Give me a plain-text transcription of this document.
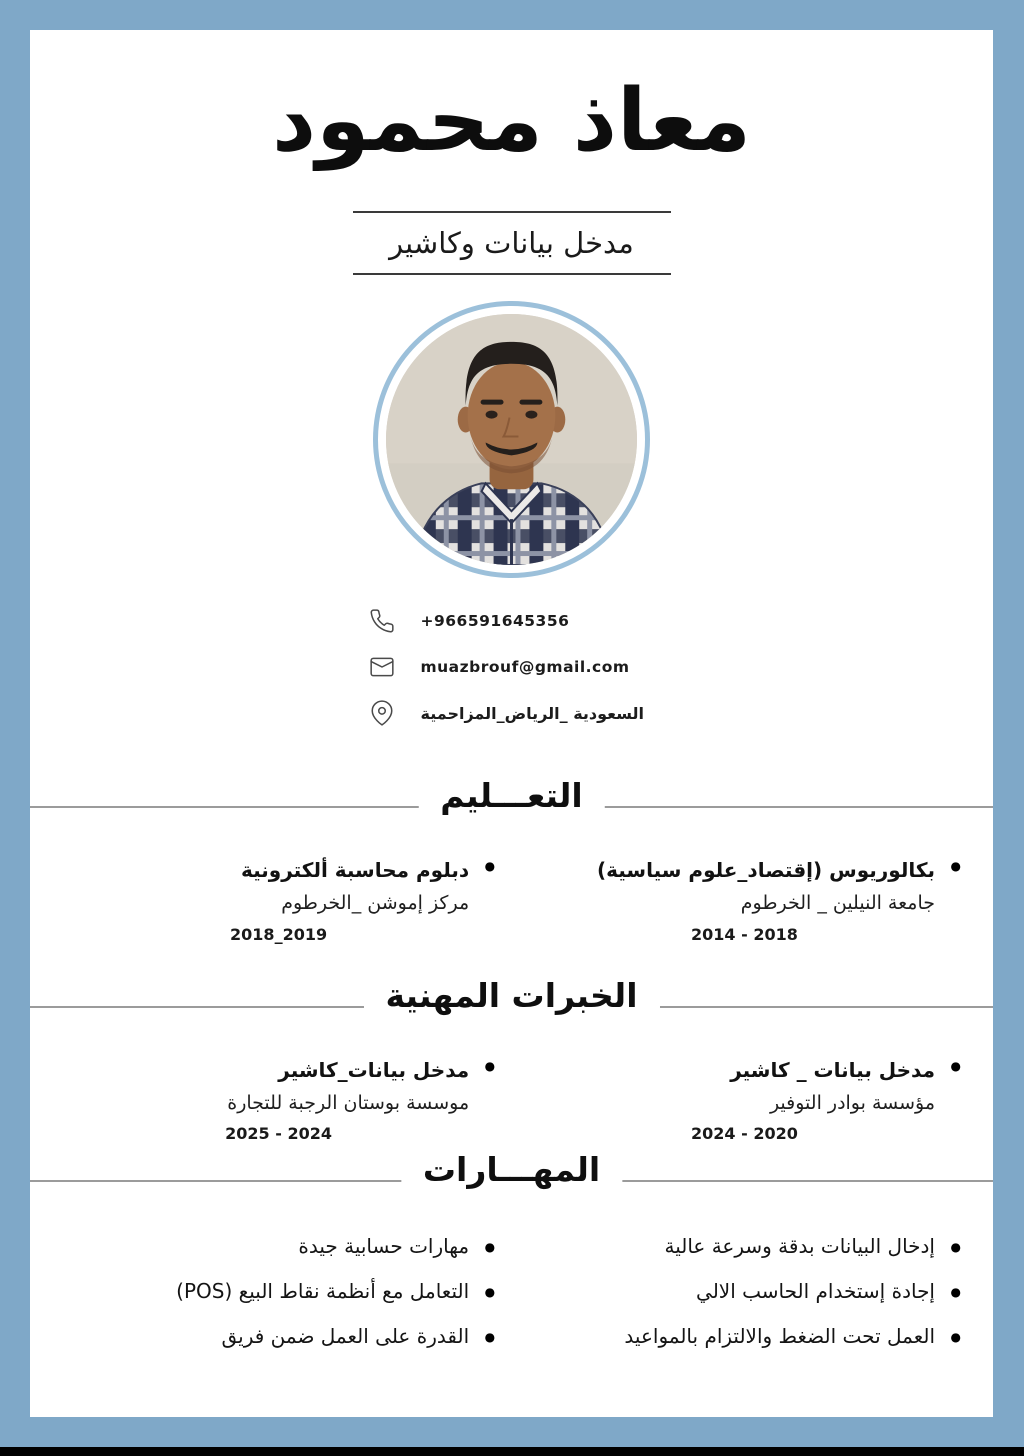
معاذ محمود
مدخل بيانات وكاشير
+966591645356
muazbrouf@gmail.com
السعودية _الرياض_المزاحمية
التعـــليم
●
بكالوريوس (إقتصاد_علوم سياسية)
جامعة النيلين _ الخرطوم
2014 - 2018
●
دبلوم محاسبة ألكترونية
مركز إموشن _الخرطوم
2018_2019
الخبرات المهنية
●
مدخل بيانات _ كاشير
مؤسسة بوادر التوفير
2024 - 2020
●
مدخل بيانات_كاشير
موسسة بوستان الرجبة للتجارة
2025 - 2024
المهـــارات
●
إدخال البيانات بدقة وسرعة عالية
●
إجادة إستخدام الحاسب الالي
●
العمل تحت الضغط والالتزام بالمواعيد
●
مهارات حسابية جيدة
●
التعامل مع أنظمة نقاط البيع (POS)
●
القدرة على العمل ضمن فريق
